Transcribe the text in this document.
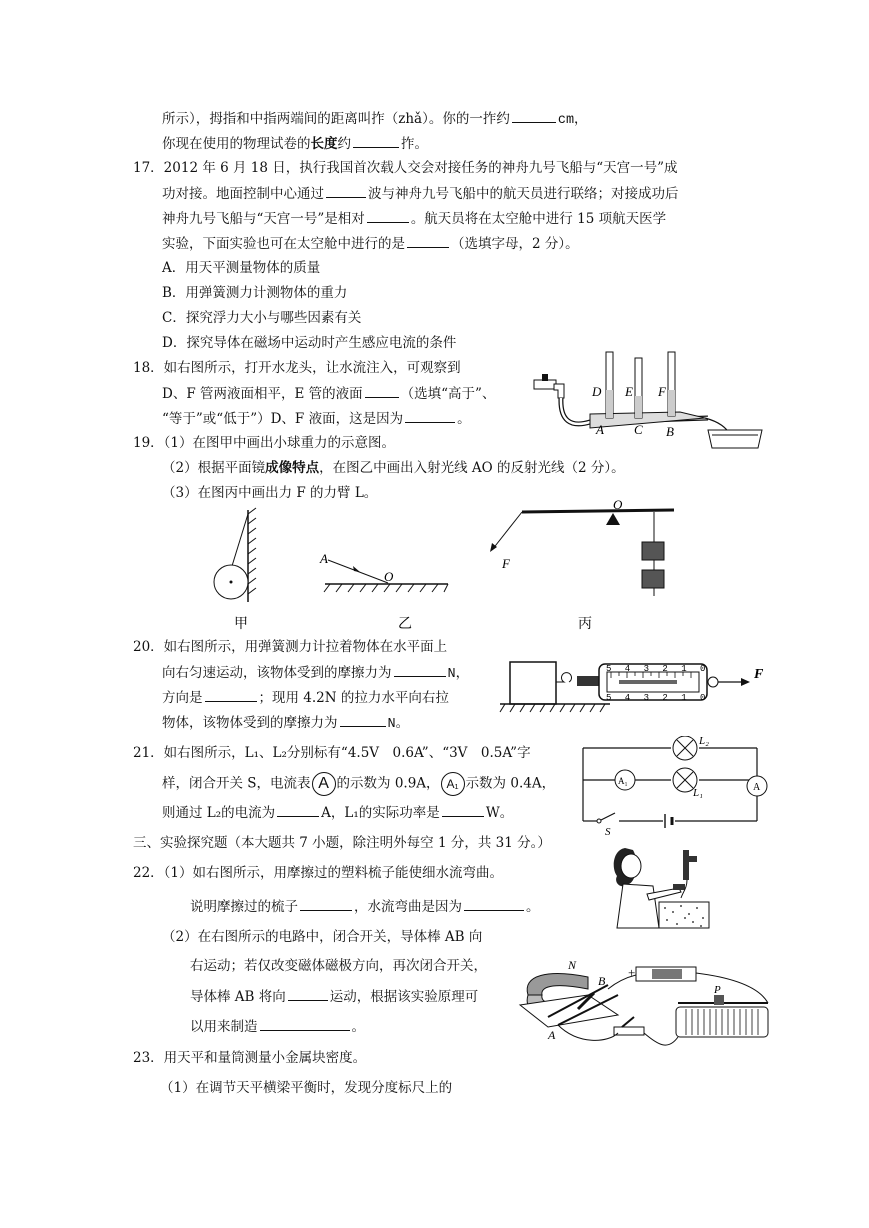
所示），拇指和中指两端间的距离叫拃（zhǎ）。你的一拃约	cm，
你现在使用的物理试卷的长度约	拃。
17．2012 年 6 月 18 日，执行我国首次载人交会对接任务的神舟九号飞船与“天宫一号”成
功对接。地面控制中心通过	波与神舟九号飞船中的航天员进行联络；对接成功后
神舟九号飞船与“天宫一号”是相对	。航天员将在太空舱中进行 15 项航天医学
实验，下面实验也可在太空舱中进行的是	（选填字母，2 分）。
A．用天平测量物体的质量
B．用弹簧测力计测物体的重力
C．探究浮力大小与哪些因素有关
D．探究导体在磁场中运动时产生感应电流的条件
18．如右图所示，打开水龙头，让水流注入，可观察到
D、F 管两液面相平，E 管的液面	（选填“高于”、
“等于”或“低于”）D、F 液面，这是因为	。
D E F
A C B
19．（1）在图甲中画出小球重力的示意图。
（2）根据平面镜成像特点，在图乙中画出入射光线 AO 的反射光线（2 分）。
（3）在图丙中画出力 F 的力臂 L。
A
O
O
F
甲	乙	丙
20．如右图所示，用弹簧测力计拉着物体在水平面上
向右匀速运动，该物体受到的摩擦力为	N，
方向是	；现用 4.2N 的拉力水平向右拉
物体，该物体受到的摩擦力为	N。
5 4 3 2 1 0
5 4 3 2 1 0
F
21．如右图所示，L₁、L₂分别标有“4.5V　0.6A”、“3V　0.5A”字
样，闭合开关 S，电流表 A 的示数为 0.9A， A₁ 示数为 0.4A，
则通过 L₂的电流为	A，L₁的实际功率是	W。
A₁
A
L₂
L₁
S
三、实验探究题（本大题共 7 小题，除注明外每空 1 分，共 31 分。）
22．（1）如右图所示，用摩擦过的塑料梳子能使细水流弯曲。
说明摩擦过的梳子	，水流弯曲是因为	。
（2）在右图所示的电路中，闭合开关，导体棒 AB 向
右运动；若仅改变磁体磁极方向，再次闭合开关，
导体棒 AB 将向	运动，根据该实验原理可
以用来制造	。
N
B
A
+
P
23．用天平和量筒测量小金属块密度。
（1）在调节天平横梁平衡时，发现分度标尺上的
